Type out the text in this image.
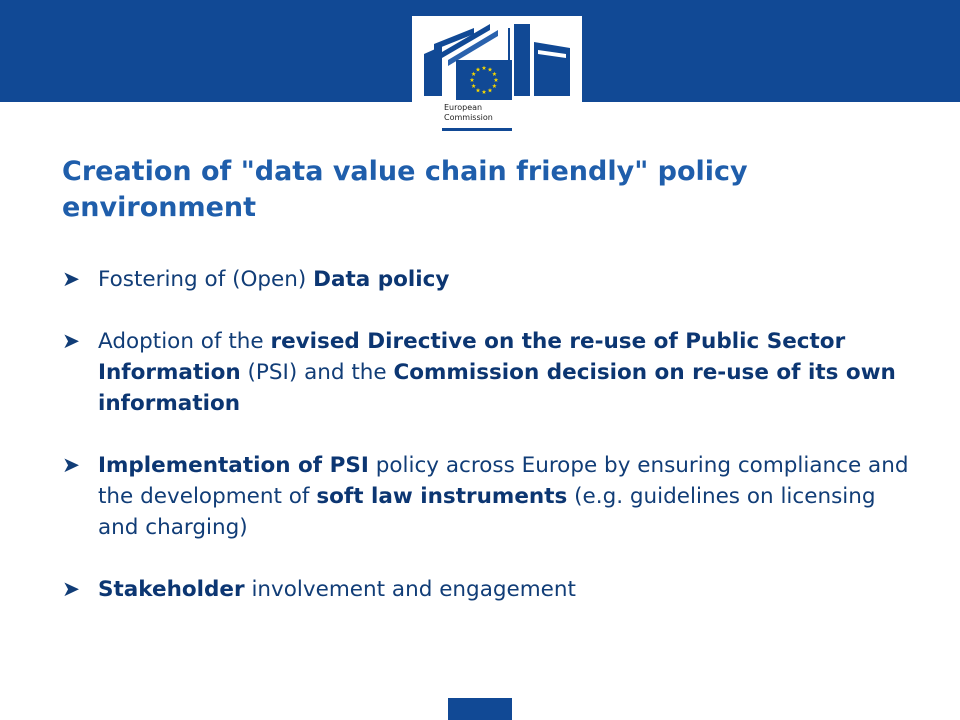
European
Commission
Creation of "data value chain friendly" policy environment
➤ Fostering of (Open) Data policy
➤ Adoption of the revised Directive on the re-use of Public Sector Information (PSI) and the Commission decision on re-use of its own information
➤ Implementation of PSI policy across Europe by ensuring compliance and the development of soft law instruments (e.g. guidelines on licensing and charging)
➤ Stakeholder involvement and engagement
